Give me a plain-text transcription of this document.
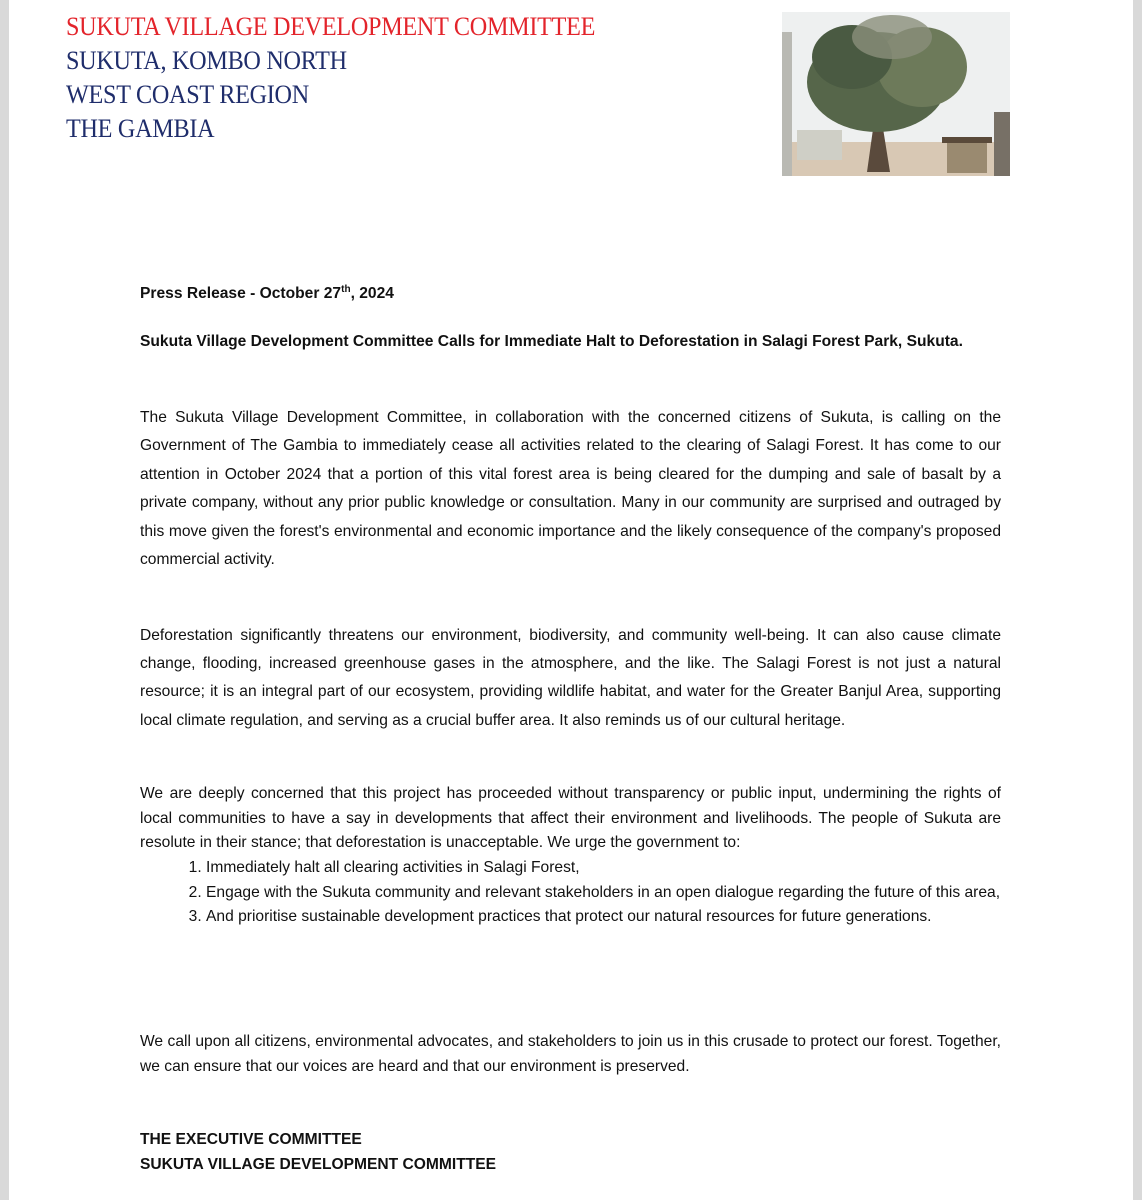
SUKUTA VILLAGE DEVELOPMENT COMMITTEE
SUKUTA, KOMBO NORTH
WEST COAST REGION
THE GAMBIA
Press Release - October 27th, 2024

Sukuta Village Development Committee Calls for Immediate Halt to Deforestation in Salagi Forest Park, Sukuta.

The Sukuta Village Development Committee, in collaboration with the concerned citizens of Sukuta, is calling on the Government of The Gambia to immediately cease all activities related to the clearing of Salagi Forest. It has come to our attention in October 2024 that a portion of this vital forest area is being cleared for the dumping and sale of basalt by a private company, without any prior public knowledge or consultation. Many in our community are surprised and outraged by this move given the forest's environmental and economic importance and the likely consequence of the company's proposed commercial activity.

Deforestation significantly threatens our environment, biodiversity, and community well-being. It can also cause climate change, flooding, increased greenhouse gases in the atmosphere, and the like. The Salagi Forest is not just a natural resource; it is an integral part of our ecosystem, providing wildlife habitat, and water for the Greater Banjul Area, supporting local climate regulation, and serving as a crucial buffer area. It also reminds us of our cultural heritage.

We are deeply concerned that this project has proceeded without transparency or public input, undermining the rights of local communities to have a say in developments that affect their environment and livelihoods. The people of Sukuta are resolute in their stance; that deforestation is unacceptable. We urge the government to:

1. Immediately halt all clearing activities in Salagi Forest,
2. Engage with the Sukuta community and relevant stakeholders in an open dialogue regarding the future of this area,
3. And prioritise sustainable development practices that protect our natural resources for future generations.

We call upon all citizens, environmental advocates, and stakeholders to join us in this crusade to protect our forest. Together, we can ensure that our voices are heard and that our environment is preserved.

THE EXECUTIVE COMMITTEE
SUKUTA VILLAGE DEVELOPMENT COMMITTEE
